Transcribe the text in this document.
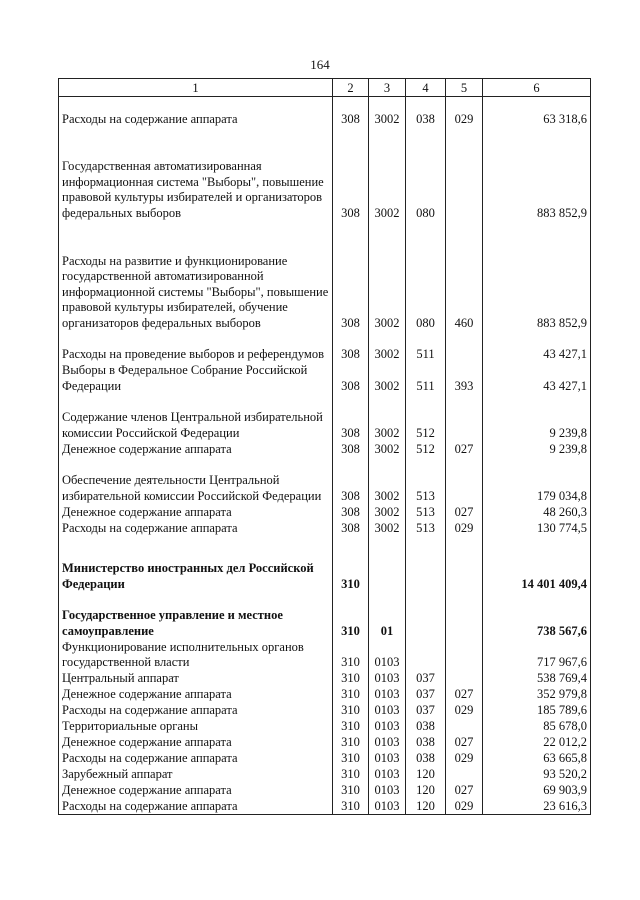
164
1	2	3	4	5	6
Расходы на содержание аппарата	308	3002	038	029	63 318,6
Государственная автоматизированная информационная система "Выборы", повышение правовой культуры избирателей и организаторов федеральных выборов	308	3002	080		883 852,9
Расходы на развитие и функционирование государственной автоматизированной информационной системы "Выборы", повышение правовой культуры избирателей, обучение организаторов федеральных выборов	308	3002	080	460	883 852,9
Расходы на проведение выборов и референдумов	308	3002	511		43 427,1
Выборы в Федеральное Собрание Российской Федерации	308	3002	511	393	43 427,1
Содержание членов Центральной избирательной комиссии Российской Федерации	308	3002	512		9 239,8
Денежное содержание аппарата	308	3002	512	027	9 239,8
Обеспечение деятельности Центральной избирательной комиссии Российской Федерации	308	3002	513		179 034,8
Денежное содержание аппарата	308	3002	513	027	48 260,3
Расходы на содержание аппарата	308	3002	513	029	130 774,5
Министерство иностранных дел Российской Федерации	310				14 401 409,4
Государственное управление и местное самоуправление	310	01			738 567,6
Функционирование исполнительных органов государственной власти	310	0103			717 967,6
Центральный аппарат	310	0103	037		538 769,4
Денежное содержание аппарата	310	0103	037	027	352 979,8
Расходы на содержание аппарата	310	0103	037	029	185 789,6
Территориальные органы	310	0103	038		85 678,0
Денежное содержание аппарата	310	0103	038	027	22 012,2
Расходы на содержание аппарата	310	0103	038	029	63 665,8
Зарубежный аппарат	310	0103	120		93 520,2
Денежное содержание аппарата	310	0103	120	027	69 903,9
Расходы на содержание аппарата	310	0103	120	029	23 616,3
